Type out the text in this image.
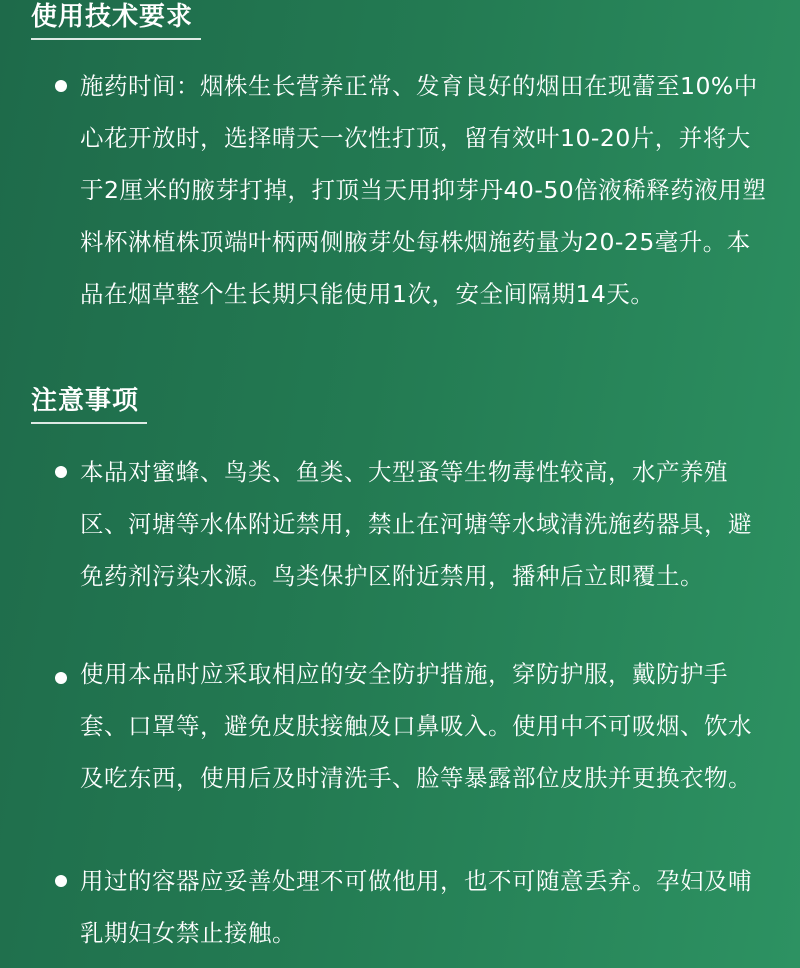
使用技术要求
施药时间：烟株生长营养正常、发育良好的烟田在现蕾至10%中心花开放时，选择晴天一次性打顶，留有效叶10-20片，并将大于2厘米的腋芽打掉，打顶当天用抑芽丹40-50倍液稀释药液用塑料杯淋植株顶端叶柄两侧腋芽处每株烟施药量为20-25毫升。本品在烟草整个生长期只能使用1次，安全间隔期14天。
注意事项
本品对蜜蜂、鸟类、鱼类、大型蚤等生物毒性较高，水产养殖区、河塘等水体附近禁用，禁止在河塘等水域清洗施药器具，避免药剂污染水源。鸟类保护区附近禁用，播种后立即覆土。
使用本品时应采取相应的安全防护措施，穿防护服，戴防护手套、口罩等，避免皮肤接触及口鼻吸入。使用中不可吸烟、饮水及吃东西，使用后及时清洗手、脸等暴露部位皮肤并更换衣物。
用过的容器应妥善处理不可做他用，也不可随意丢弃。孕妇及哺乳期妇女禁止接触。
